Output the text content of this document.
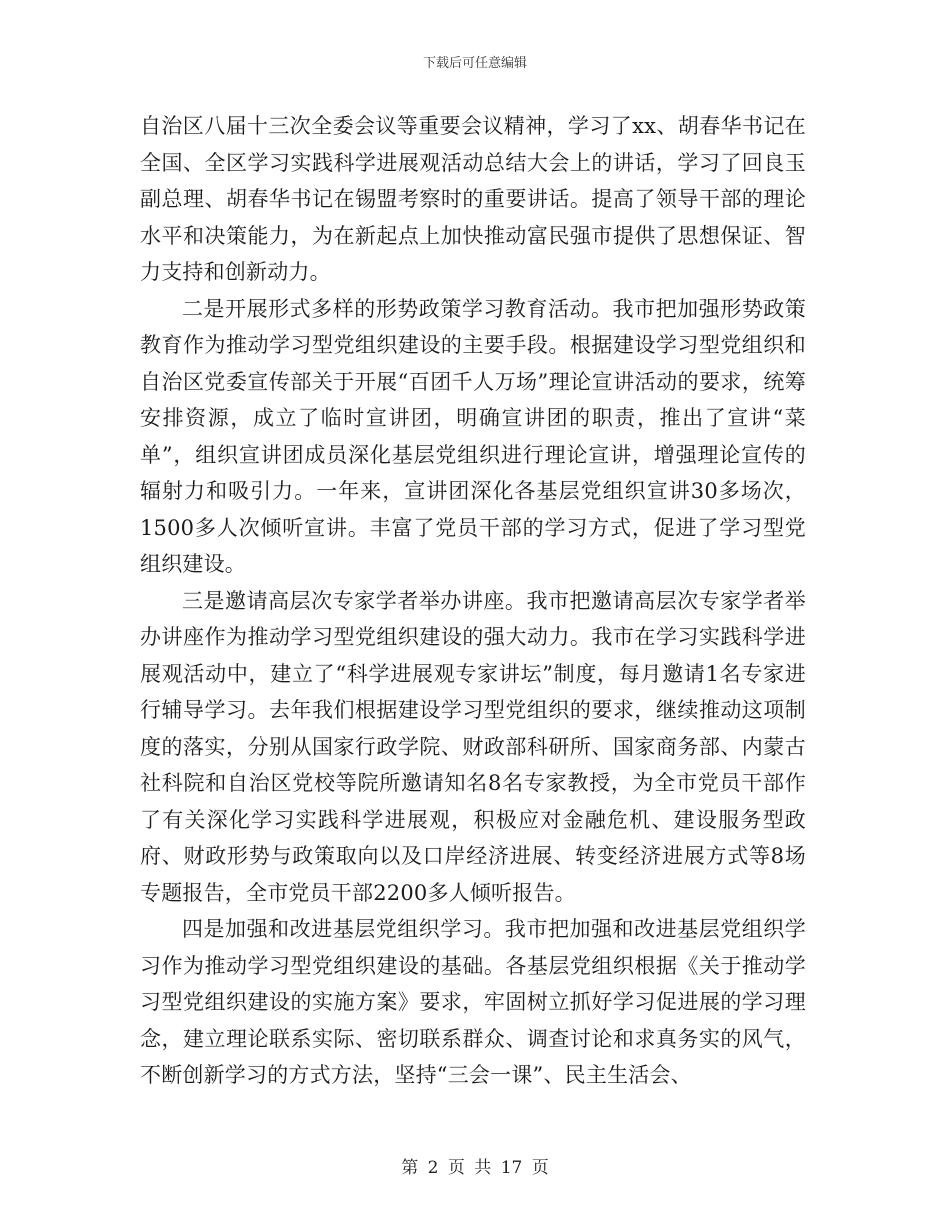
下载后可任意编辑

自治区八届十三次全委会议等重要会议精神，学习了xx、胡春华书记在全国、全区学习实践科学进展观活动总结大会上的讲话，学习了回良玉副总理、胡春华书记在锡盟考察时的重要讲话。提高了领导干部的理论水平和决策能力，为在新起点上加快推动富民强市提供了思想保证、智力支持和创新动力。

二是开展形式多样的形势政策学习教育活动。我市把加强形势政策教育作为推动学习型党组织建设的主要手段。根据建设学习型党组织和自治区党委宣传部关于开展“百团千人万场”理论宣讲活动的要求，统筹安排资源，成立了临时宣讲团，明确宣讲团的职责，推出了宣讲“菜单”，组织宣讲团成员深化基层党组织进行理论宣讲，增强理论宣传的辐射力和吸引力。一年来，宣讲团深化各基层党组织宣讲30多场次，1500多人次倾听宣讲。丰富了党员干部的学习方式，促进了学习型党组织建设。

三是邀请高层次专家学者举办讲座。我市把邀请高层次专家学者举办讲座作为推动学习型党组织建设的强大动力。我市在学习实践科学进展观活动中，建立了“科学进展观专家讲坛”制度，每月邀请1名专家进行辅导学习。去年我们根据建设学习型党组织的要求，继续推动这项制度的落实，分别从国家行政学院、财政部科研所、国家商务部、内蒙古社科院和自治区党校等院所邀请知名8名专家教授，为全市党员干部作了有关深化学习实践科学进展观，积极应对金融危机、建设服务型政府、财政形势与政策取向以及口岸经济进展、转变经济进展方式等8场专题报告，全市党员干部2200多人倾听报告。

四是加强和改进基层党组织学习。我市把加强和改进基层党组织学习作为推动学习型党组织建设的基础。各基层党组织根据《关于推动学习型党组织建设的实施方案》要求，牢固树立抓好学习促进展的学习理念，建立理论联系实际、密切联系群众、调查讨论和求真务实的风气，不断创新学习的方式方法，坚持“三会一课”、民主生活会、

第 2 页 共 17 页
